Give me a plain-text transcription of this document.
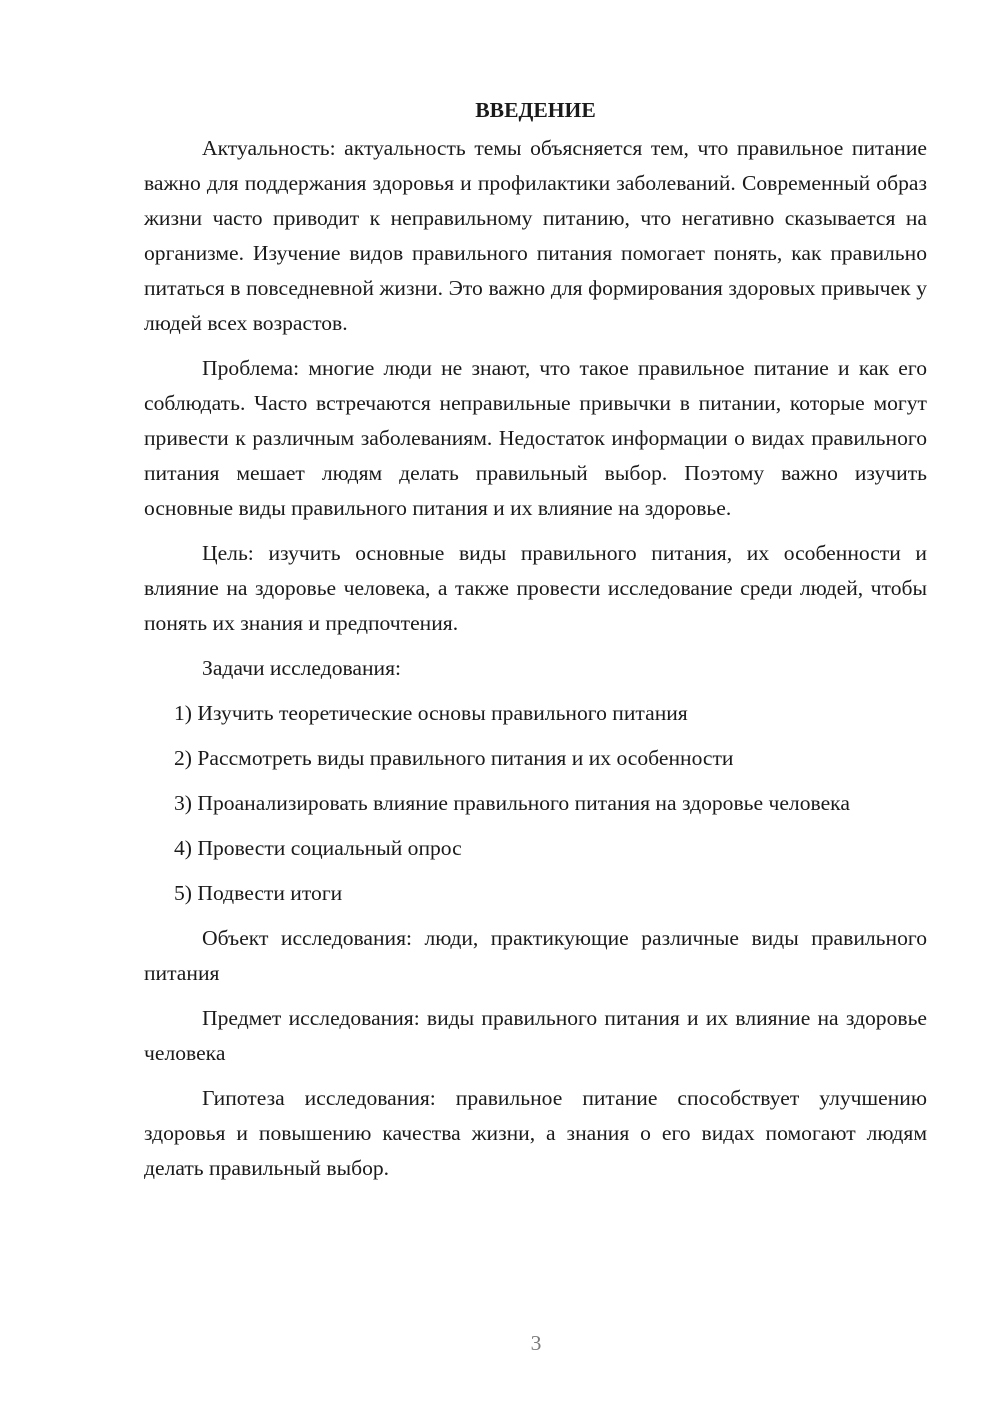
ВВЕДЕНИЕ

Актуальность: актуальность темы объясняется тем, что правильное питание важно для поддержания здоровья и профилактики заболеваний. Современный образ жизни часто приводит к неправильному питанию, что негативно сказывается на организме. Изучение видов правильного питания помогает понять, как правильно питаться в повседневной жизни. Это важно для формирования здоровых привычек у людей всех возрастов.

Проблема: многие люди не знают, что такое правильное питание и как его соблюдать. Часто встречаются неправильные привычки в питании, которые могут привести к различным заболеваниям. Недостаток информации о видах правильного питания мешает людям делать правильный выбор. Поэтому важно изучить основные виды правильного питания и их влияние на здоровье.

Цель: изучить основные виды правильного питания, их особенности и влияние на здоровье человека, а также провести исследование среди людей, чтобы понять их знания и предпочтения.

Задачи исследования:

1) Изучить теоретические основы правильного питания

2) Рассмотреть виды правильного питания и их особенности

3) Проанализировать влияние правильного питания на здоровье человека

4) Провести социальный опрос

5) Подвести итоги

Объект исследования: люди, практикующие различные виды правильного питания

Предмет исследования: виды правильного питания и их влияние на здоровье человека

Гипотеза исследования: правильное питание способствует улучшению здоровья и повышению качества жизни, а знания о его видах помогают людям делать правильный выбор.

3
